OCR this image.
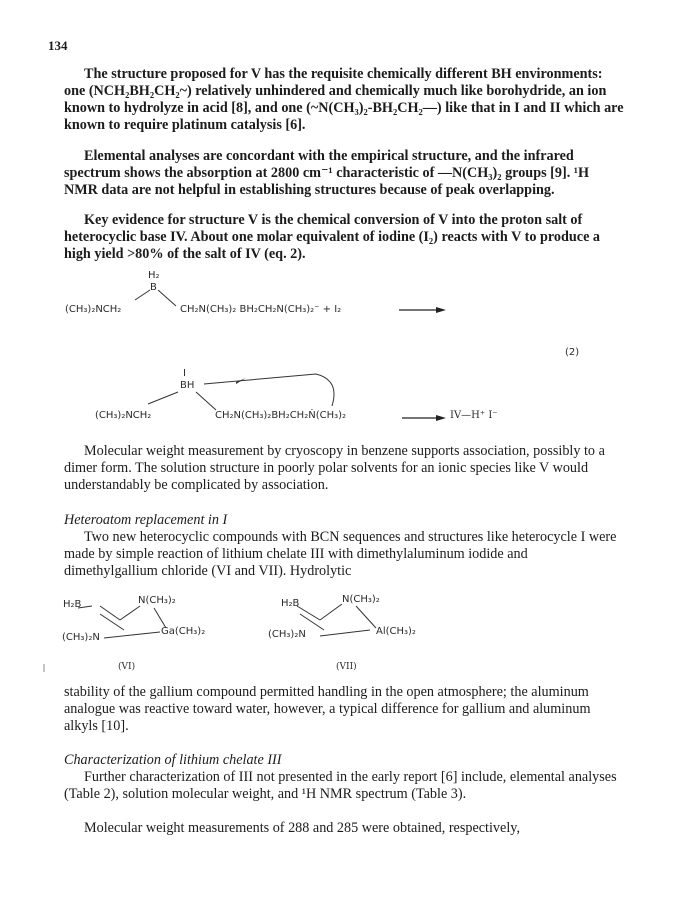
134
The structure proposed for V has the requisite chemically different BH environments: one (NCH₂BH₂CH₂~) relatively unhindered and chemically much like borohydride, an ion known to hydrolyze in acid [8], and one (~N(CH₃)₂-BH₂CH₂—) like that in I and II which are known to require platinum catalysis [6].
Elemental analyses are concordant with the empirical structure, and the infrared spectrum shows the absorption at 2800 cm⁻¹ characteristic of —N(CH₃)₂ groups [9]. ¹H NMR data are not helpful in establishing structures because of peak overlapping.
Key evidence for structure V is the chemical conversion of V into the proton salt of heterocyclic base IV. About one molar equivalent of iodine (I₂) reacts with V to produce a high yield >80% of the salt of IV (eq. 2).
H₂
B
(CH₃)₂NCH₂	CH₂N(CH₃)₂ BH₂CH₂N(CH₃)₂⁻ + I₂
(2)
I
BH
(CH₃)₂NCH₂	CH₂N(CH₃)₂BH₂CH₂Ṅ(CH₃)₂	IV—H⁺ I⁻
Molecular weight measurement by cryoscopy in benzene supports association, possibly to a dimer form. The solution structure in poorly polar solvents for an ionic species like V would understandably be complicated by association.
Heteroatom replacement in I
Two new heterocyclic compounds with BCN sequences and structures like heterocycle I were made by simple reaction of lithium chelate III with dimethylaluminum iodide and dimethylgallium chloride (VI and VII). Hydrolytic
H₂B	N(CH₃)₂
(CH₃)₂N
Ga(CH₃)₂
(VI)
H₂B	N(CH₃)₂
(CH₃)₂N	Al(CH₃)₂
(VII)
stability of the gallium compound permitted handling in the open atmosphere; the aluminum analogue was reactive toward water, however, a typical difference for gallium and aluminum alkyls [10].
Characterization of lithium chelate III
Further characterization of III not presented in the early report [6] include, elemental analyses (Table 2), solution molecular weight, and ¹H NMR spectrum (Table 3).
Molecular weight measurements of 288 and 285 were obtained, respectively,
